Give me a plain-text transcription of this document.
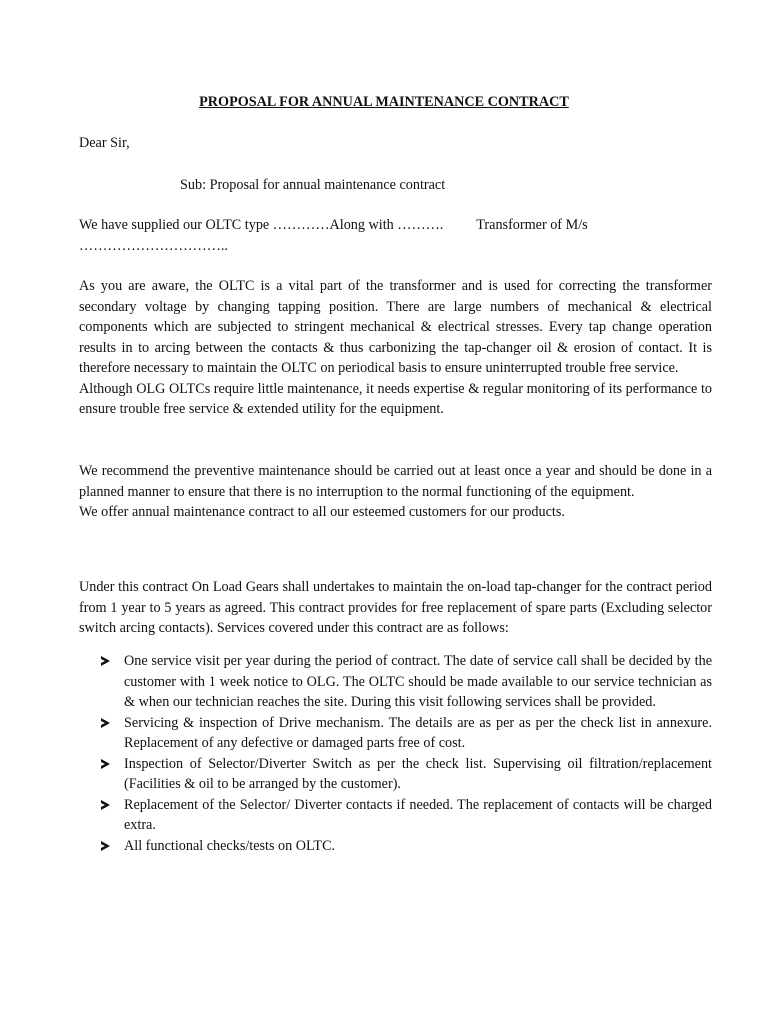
PROPOSAL FOR ANNUAL MAINTENANCE CONTRACT
Dear Sir,
Sub: Proposal for annual maintenance contract
We have supplied our OLTC type …………Along with ………. Transformer of M/s
…………………………..

As you are aware, the OLTC is a vital part of the transformer and is used for correcting the transformer secondary voltage by changing tapping position. There are large numbers of mechanical & electrical components which are subjected to stringent mechanical & electrical stresses. Every tap change operation results in to arcing between the contacts & thus carbonizing the tap-changer oil & erosion of contact. It is therefore necessary to maintain the OLTC on periodical basis to ensure uninterrupted trouble free service.

Although OLG OLTCs require little maintenance, it needs expertise & regular monitoring of its performance to ensure trouble free service & extended utility for the equipment.

We recommend the preventive maintenance should be carried out at least once a year and should be done in a planned manner to ensure that there is no interruption to the normal functioning of the equipment.

We offer annual maintenance contract to all our esteemed customers for our products.

Under this contract On Load Gears shall undertakes to maintain the on-load tap-changer for the contract period from 1 year to 5 years as agreed. This contract provides for free replacement of spare parts (Excluding selector switch arcing contacts). Services covered under this contract are as follows:
One service visit per year during the period of contract. The date of service call shall be decided by the customer with 1 week notice to OLG. The OLTC should be made available to our service technician as & when our technician reaches the site. During this visit following services shall be provided.
Servicing & inspection of Drive mechanism. The details are as per as per the check list in annexure. Replacement of any defective or damaged parts free of cost.
Inspection of Selector/Diverter Switch as per the check list. Supervising oil filtration/replacement (Facilities & oil to be arranged by the customer).
Replacement of the Selector/ Diverter contacts if needed. The replacement of contacts will be charged extra.
All functional checks/tests on OLTC.
